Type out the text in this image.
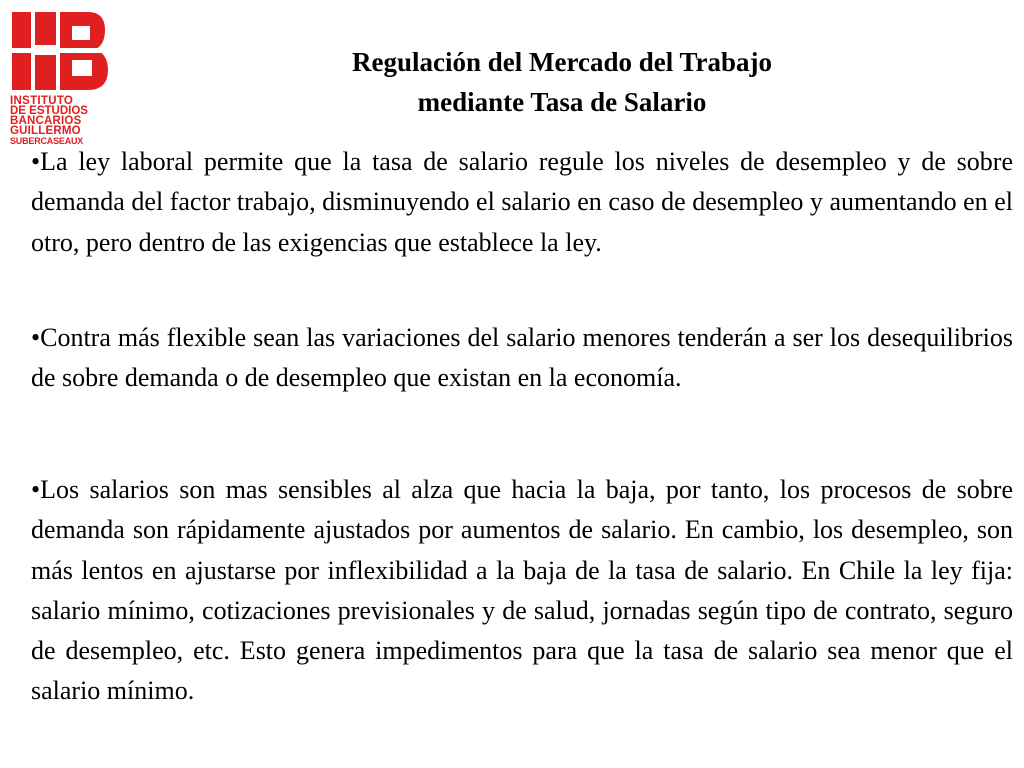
INSTITUTO
DE ESTUDIOS
BANCARIOS
GUILLERMO
SUBERCASEAUX
Regulación del Mercado del Trabajo
mediante Tasa de Salario

•La ley laboral permite que la tasa de salario regule los niveles de desempleo y de sobre demanda del factor trabajo, disminuyendo el salario en caso de desempleo y aumentando en el otro, pero dentro de las exigencias que establece la ley.

•Contra más flexible sean las variaciones del salario menores tenderán a ser los desequilibrios de sobre demanda o de desempleo que existan en la economía.

•Los salarios son mas sensibles al alza que hacia la baja, por tanto, los procesos de sobre demanda son rápidamente ajustados por aumentos de salario. En cambio, los desempleo, son más lentos en ajustarse por inflexibilidad a la baja de la tasa de salario. En Chile la ley fija: salario mínimo, cotizaciones previsionales y de salud, jornadas según tipo de contrato, seguro de desempleo, etc. Esto genera impedimentos para que la tasa de salario sea menor que el salario mínimo.
